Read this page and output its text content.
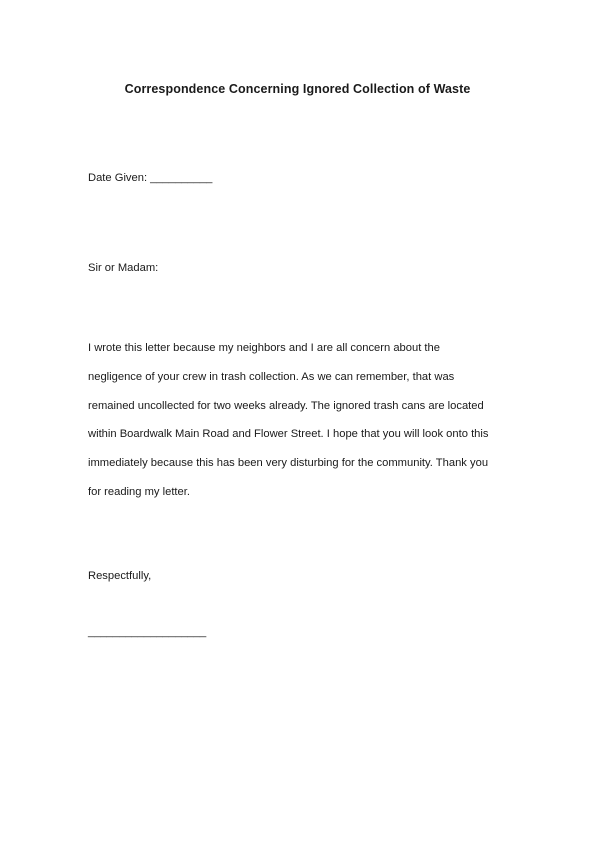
Correspondence Concerning Ignored Collection of Waste

Date Given: __________

Sir or Madam:

I wrote this letter because my neighbors and I are all concern about the
negligence of your crew in trash collection. As we can remember, that was
remained uncollected for two weeks already. The ignored trash cans are located
within Boardwalk Main Road and Flower Street. I hope that you will look onto this
immediately because this has been very disturbing for the community. Thank you
for reading my letter.

Respectfully,

___________________
